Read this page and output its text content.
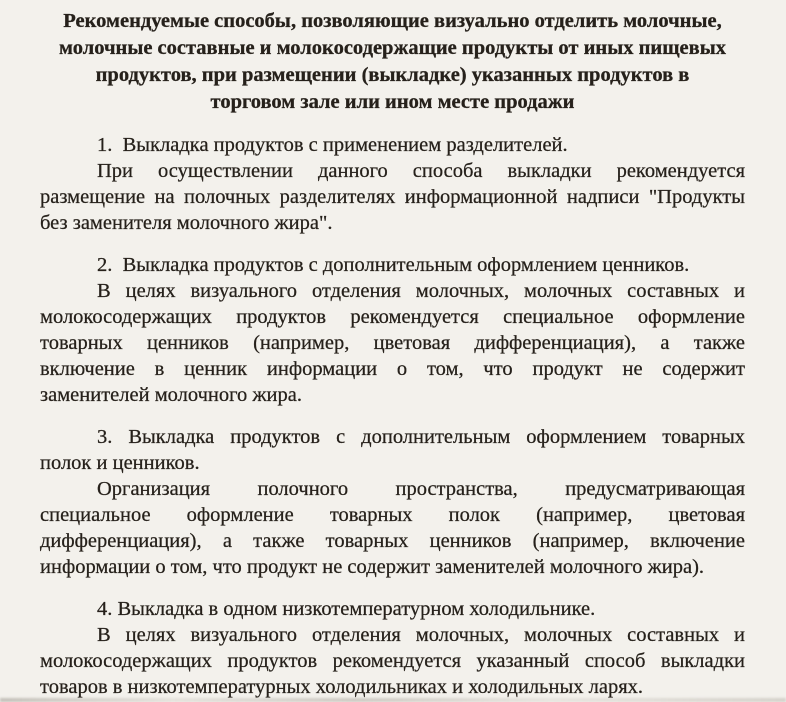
Рекомендуемые способы, позволяющие визуально отделить молочные,
молочные составные и молокосодержащие продукты от иных пищевых
продуктов, при размещении (выкладке) указанных продуктов в
торговом зале или ином месте продажи

1.  Выкладка продуктов с применением разделителей.

При осуществлении данного способа выкладки рекомендуется
размещение на полочных разделителях информационной надписи "Продукты
без заменителя молочного жира".

2.  Выкладка продуктов с дополнительным оформлением ценников.

В целях визуального отделения молочных, молочных составных и
молокосодержащих продуктов рекомендуется специальное оформление
товарных ценников (например, цветовая дифференциация), а также
включение в ценник информации о том, что продукт не содержит
заменителей молочного жира.

3. Выкладка продуктов с дополнительным оформлением товарных
полок и ценников.

Организация полочного пространства, предусматривающая
специальное оформление товарных полок (например, цветовая
дифференциация), а также товарных ценников (например, включение
информации о том, что продукт не содержит заменителей молочного жира).

4. Выкладка в одном низкотемпературном холодильнике.

В целях визуального отделения молочных, молочных составных и
молокосодержащих продуктов рекомендуется указанный способ выкладки
товаров в низкотемпературных холодильниках и холодильных ларях.
